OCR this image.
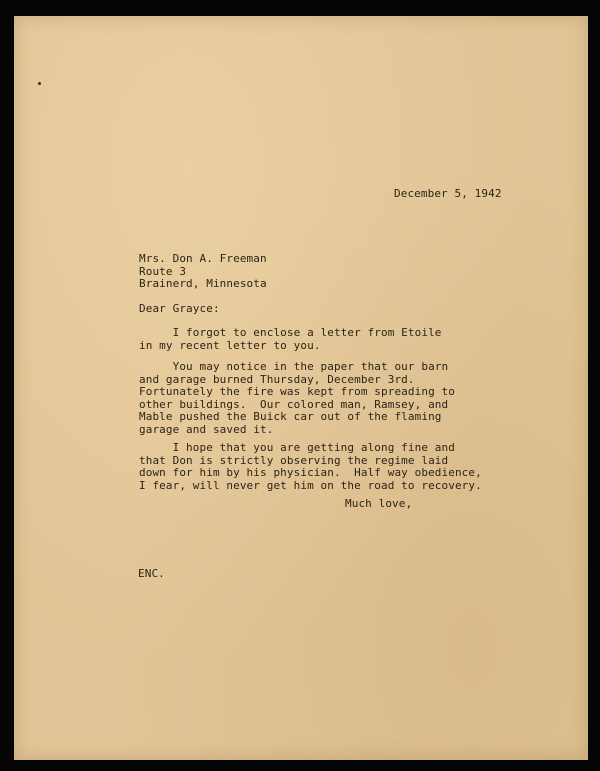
December 5, 1942
Mrs. Don A. Freeman
Route 3
Brainerd, Minnesota
Dear Grayce:
I forgot to enclose a letter from Etoile
in my recent letter to you.
You may notice in the paper that our barn
and garage burned Thursday, December 3rd.
Fortunately the fire was kept from spreading to
other buildings.  Our colored man, Ramsey, and
Mable pushed the Buick car out of the flaming
garage and saved it.
I hope that you are getting along fine and
that Don is strictly observing the regime laid
down for him by his physician.  Half way obedience,
I fear, will never get him on the road to recovery.
Much love,
ENC.
